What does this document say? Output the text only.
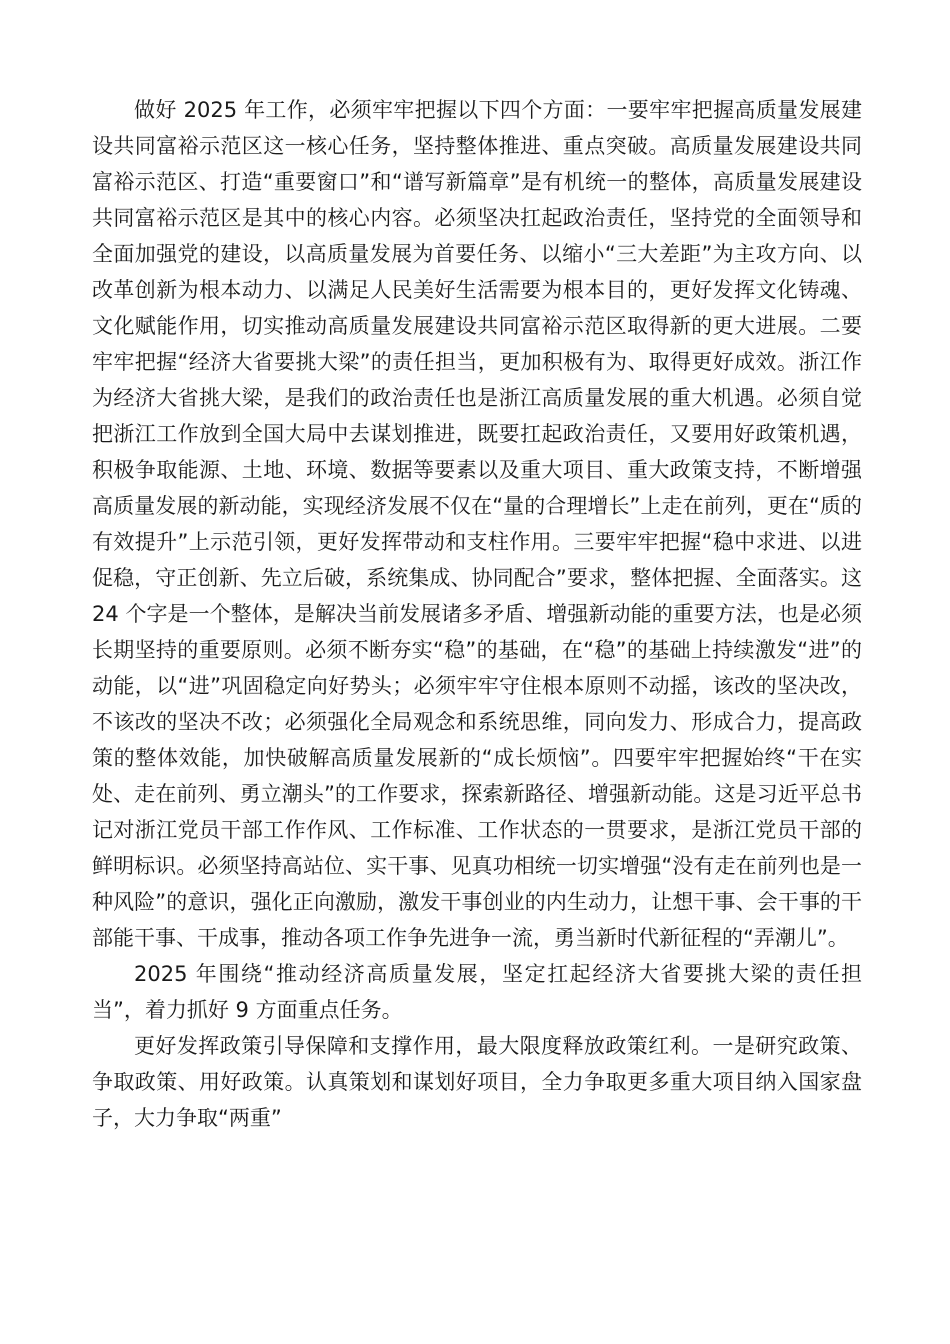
做好 2025 年工作，必须牢牢把握以下四个方面：一要牢牢把握高质量发展建设共同富裕示范区这一核心任务，坚持整体推进、重点突破。高质量发展建设共同富裕示范区、打造“重要窗口”和“谱写新篇章”是有机统一的整体，高质量发展建设共同富裕示范区是其中的核心内容。必须坚决扛起政治责任，坚持党的全面领导和全面加强党的建设，以高质量发展为首要任务、以缩小“三大差距”为主攻方向、以改革创新为根本动力、以满足人民美好生活需要为根本目的，更好发挥文化铸魂、文化赋能作用，切实推动高质量发展建设共同富裕示范区取得新的更大进展。二要牢牢把握“经济大省要挑大梁”的责任担当，更加积极有为、取得更好成效。浙江作为经济大省挑大梁，是我们的政治责任也是浙江高质量发展的重大机遇。必须自觉把浙江工作放到全国大局中去谋划推进，既要扛起政治责任，又要用好政策机遇，积极争取能源、土地、环境、数据等要素以及重大项目、重大政策支持，不断增强高质量发展的新动能，实现经济发展不仅在“量的合理增长”上走在前列，更在“质的有效提升”上示范引领，更好发挥带动和支柱作用。三要牢牢把握“稳中求进、以进促稳，守正创新、先立后破，系统集成、协同配合”要求，整体把握、全面落实。这 24 个字是一个整体，是解决当前发展诸多矛盾、增强新动能的重要方法，也是必须长期坚持的重要原则。必须不断夯实“稳”的基础，在“稳”的基础上持续激发“进”的动能，以“进”巩固稳定向好势头；必须牢牢守住根本原则不动摇，该改的坚决改，不该改的坚决不改；必须强化全局观念和系统思维，同向发力、形成合力，提高政策的整体效能，加快破解高质量发展新的“成长烦恼”。四要牢牢把握始终“干在实处、走在前列、勇立潮头”的工作要求，探索新路径、增强新动能。这是习近平总书记对浙江党员干部工作作风、工作标准、工作状态的一贯要求，是浙江党员干部的鲜明标识。必须坚持高站位、实干事、见真功相统一切实增强“没有走在前列也是一种风险”的意识，强化正向激励，激发干事创业的内生动力，让想干事、会干事的干部能干事、干成事，推动各项工作争先进争一流，勇当新时代新征程的“弄潮儿”。

2025 年围绕“推动经济高质量发展，坚定扛起经济大省要挑大梁的责任担当”，着力抓好 9 方面重点任务。

更好发挥政策引导保障和支撑作用，最大限度释放政策红利。一是研究政策、争取政策、用好政策。认真策划和谋划好项目，全力争取更多重大项目纳入国家盘子，大力争取“两重”
